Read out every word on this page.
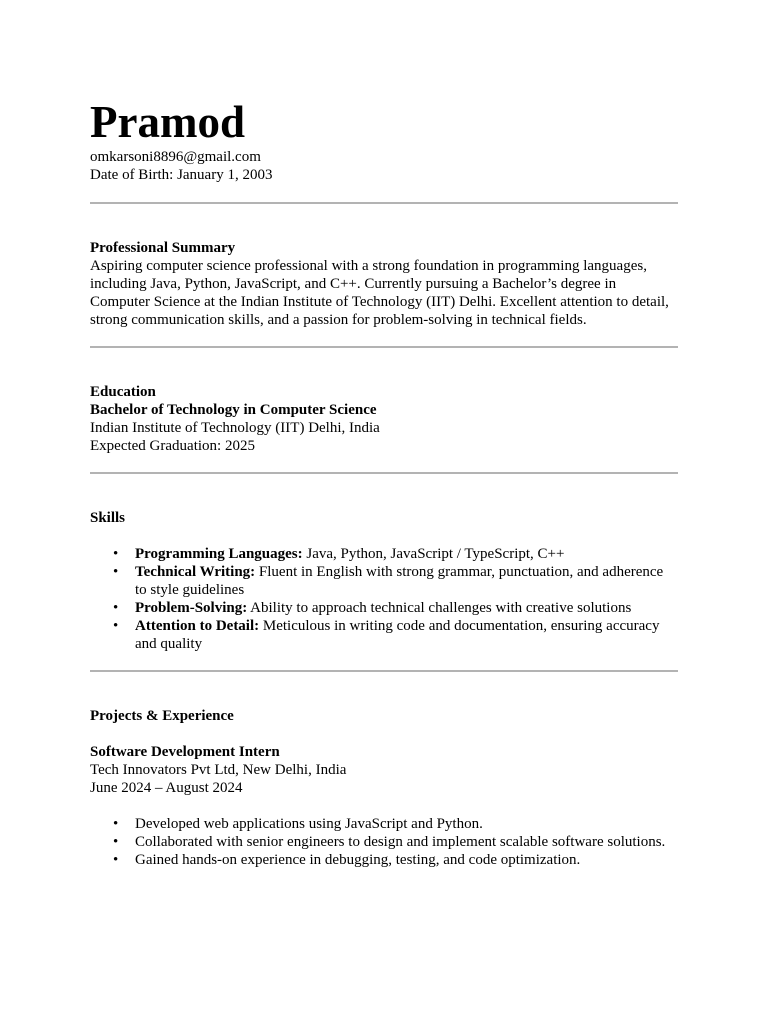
Pramod

omkarsoni8896@gmail.com

Date of Birth: January 1, 2003

Professional Summary

Aspiring computer science professional with a strong foundation in programming languages, including Java, Python, JavaScript, and C++. Currently pursuing a Bachelor’s degree in Computer Science at the Indian Institute of Technology (IIT) Delhi. Excellent attention to detail, strong communication skills, and a passion for problem-solving in technical fields.

Education

Bachelor of Technology in Computer Science

Indian Institute of Technology (IIT) Delhi, India

Expected Graduation: 2025

Skills

• Programming Languages: Java, Python, JavaScript / TypeScript, C++
• Technical Writing: Fluent in English with strong grammar, punctuation, and adherence to style guidelines
• Problem-Solving: Ability to approach technical challenges with creative solutions
• Attention to Detail: Meticulous in writing code and documentation, ensuring accuracy and quality

Projects & Experience

Software Development Intern

Tech Innovators Pvt Ltd, New Delhi, India

June 2024 – August 2024

• Developed web applications using JavaScript and Python.
• Collaborated with senior engineers to design and implement scalable software solutions.
• Gained hands-on experience in debugging, testing, and code optimization.
